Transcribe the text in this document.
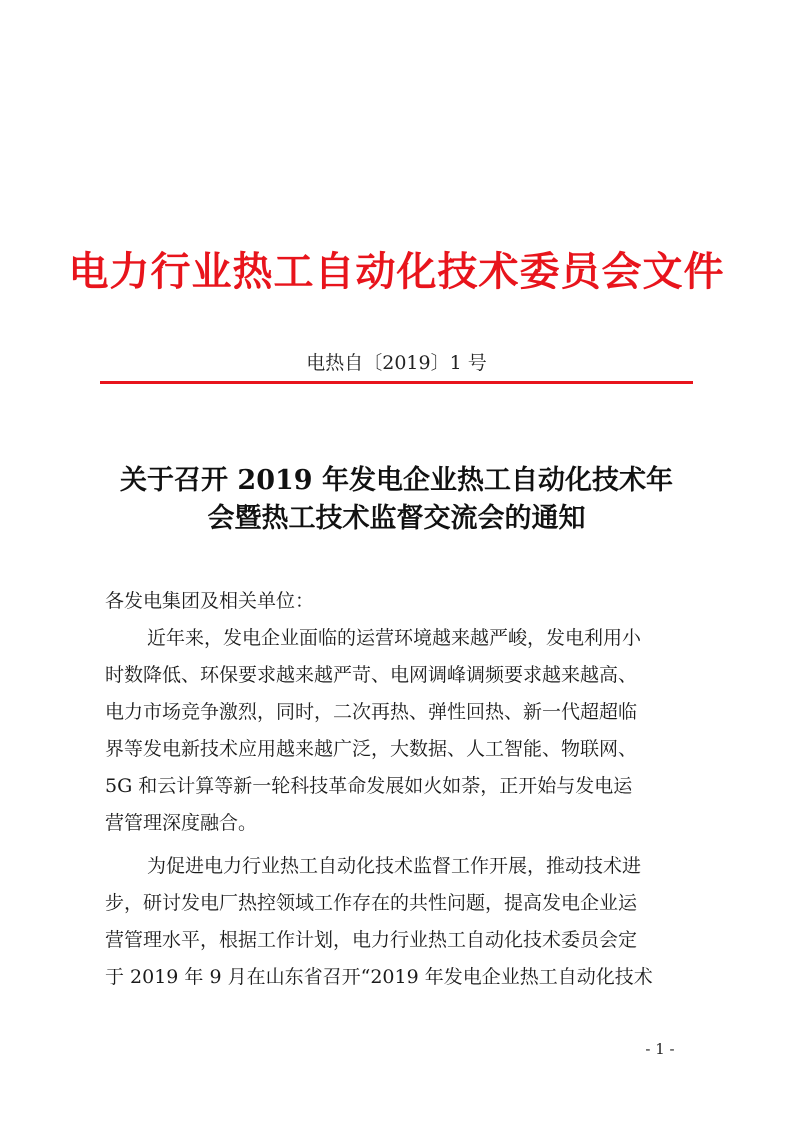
电力行业热工自动化技术委员会文件
电热自〔2019〕1 号
关于召开 2019 年发电企业热工自动化技术年
会暨热工技术监督交流会的通知
各发电集团及相关单位：
近年来，发电企业面临的运营环境越来越严峻，发电利用小
时数降低、环保要求越来越严苛、电网调峰调频要求越来越高、
电力市场竞争激烈，同时，二次再热、弹性回热、新一代超超临
界等发电新技术应用越来越广泛，大数据、人工智能、物联网、
5G 和云计算等新一轮科技革命发展如火如荼，正开始与发电运
营管理深度融合。
为促进电力行业热工自动化技术监督工作开展，推动技术进
步，研讨发电厂热控领域工作存在的共性问题，提高发电企业运
营管理水平，根据工作计划，电力行业热工自动化技术委员会定
于 2019 年 9 月在山东省召开“2019 年发电企业热工自动化技术
- 1 -
